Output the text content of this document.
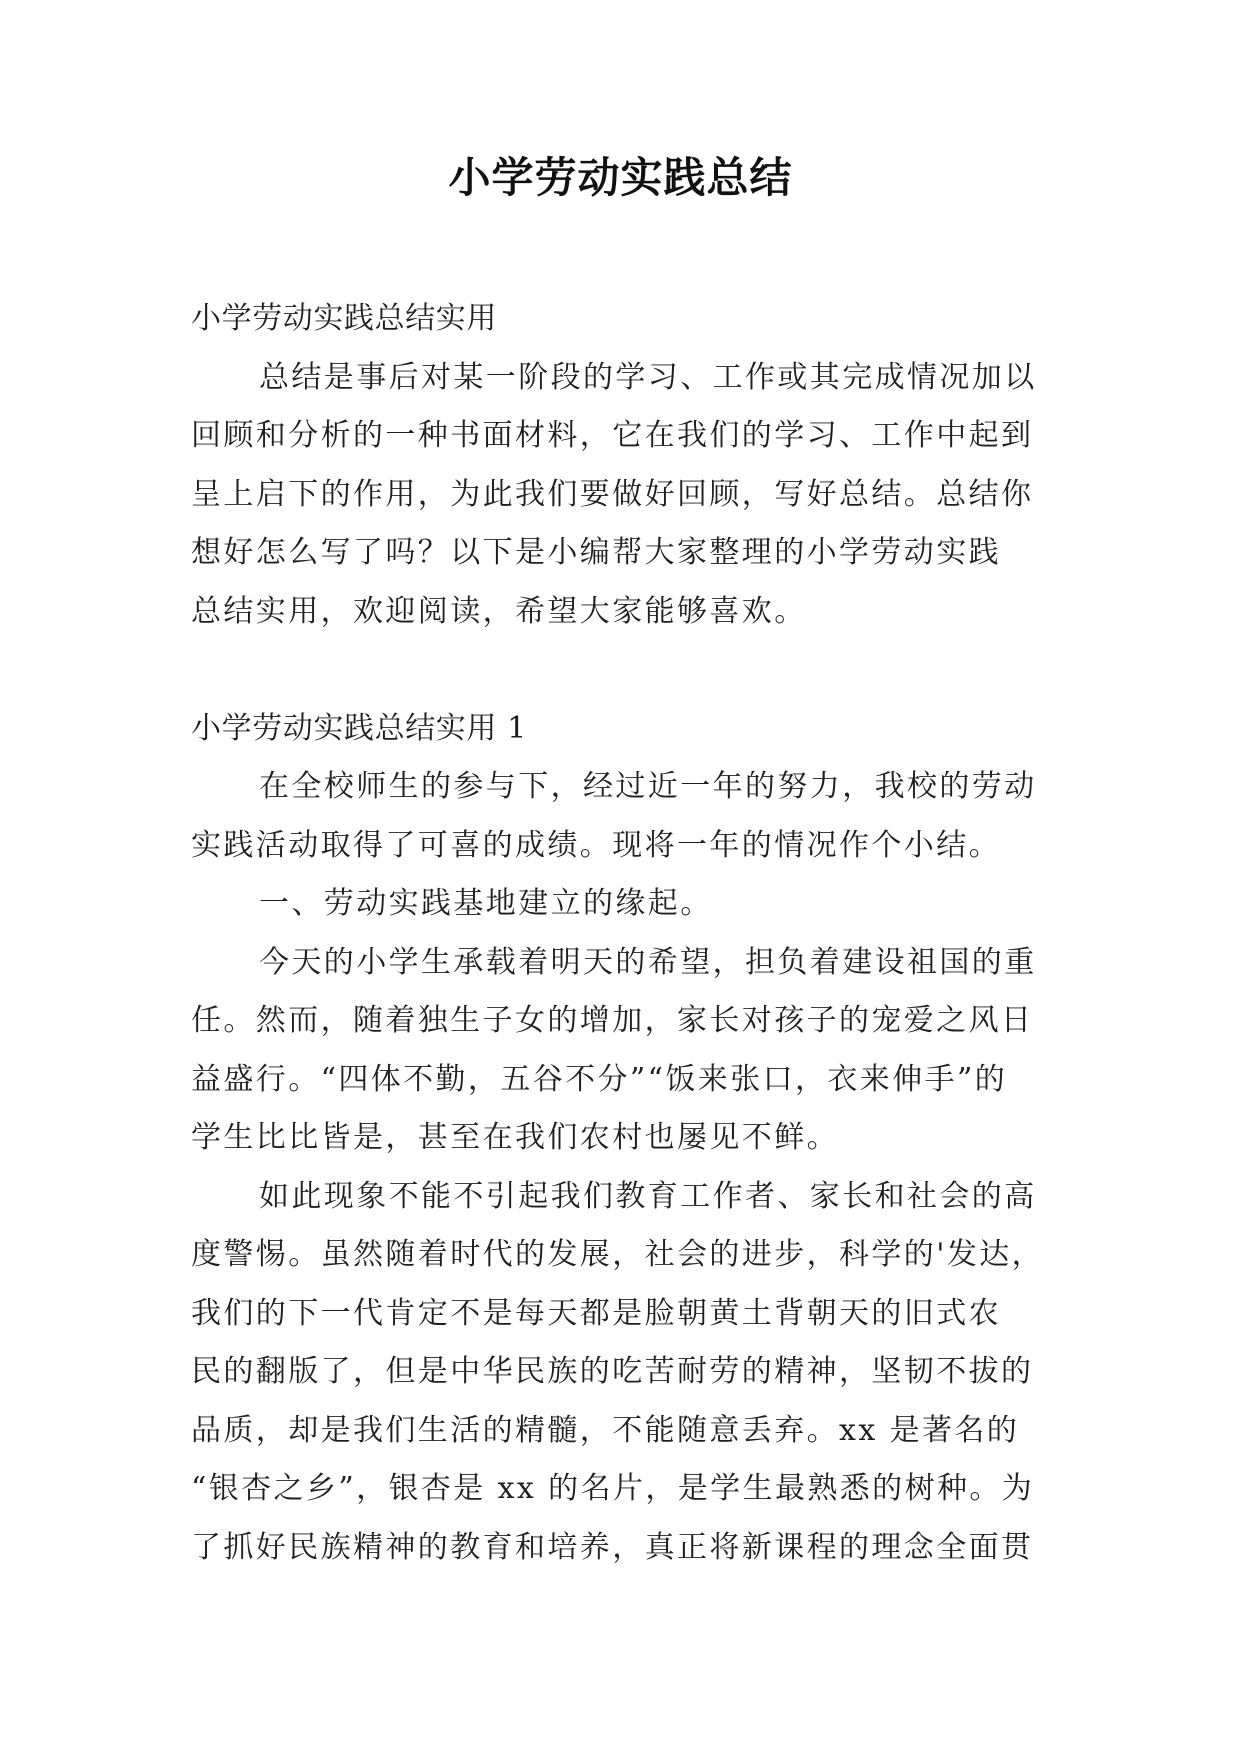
小学劳动实践总结
小学劳动实践总结实用
总结是事后对某一阶段的学习、工作或其完成情况加以
回顾和分析的一种书面材料，它在我们的学习、工作中起到
呈上启下的作用，为此我们要做好回顾，写好总结。总结你
想好怎么写了吗？以下是小编帮大家整理的小学劳动实践
总结实用，欢迎阅读，希望大家能够喜欢。
小学劳动实践总结实用 1
在全校师生的参与下，经过近一年的努力，我校的劳动
实践活动取得了可喜的成绩。现将一年的情况作个小结。
一、劳动实践基地建立的缘起。
今天的小学生承载着明天的希望，担负着建设祖国的重
任。然而，随着独生子女的增加，家长对孩子的宠爱之风日
益盛行。“四体不勤，五谷不分”“饭来张口，衣来伸手”的
学生比比皆是，甚至在我们农村也屡见不鲜。
如此现象不能不引起我们教育工作者、家长和社会的高
度警惕。虽然随着时代的发展，社会的进步，科学的'发达，
我们的下一代肯定不是每天都是脸朝黄土背朝天的旧式农
民的翻版了，但是中华民族的吃苦耐劳的精神，坚韧不拔的
品质，却是我们生活的精髓，不能随意丢弃。xx 是著名的
“银杏之乡”，银杏是 xx 的名片，是学生最熟悉的树种。为
了抓好民族精神的教育和培养，真正将新课程的理念全面贯
